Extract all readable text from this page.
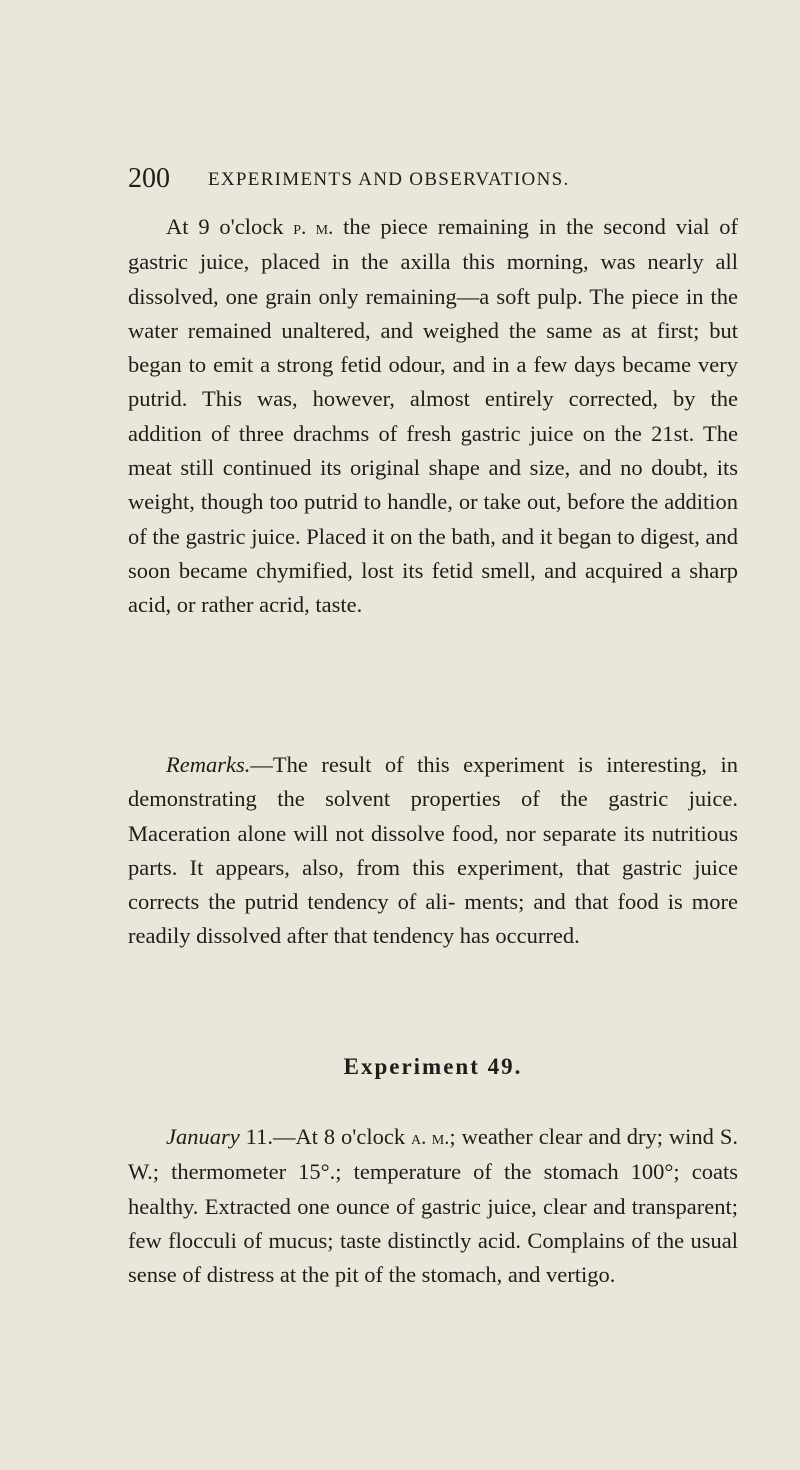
200 EXPERIMENTS AND OBSERVATIONS.

At 9 o'clock p. m. the piece remaining in the second vial of gastric juice, placed in the axilla this morning, was nearly all dissolved, one grain only remaining—a soft pulp. The piece in the water remained unaltered, and weighed the same as at first; but began to emit a strong fetid odour, and in a few days became very putrid. This was, however, almost entirely corrected, by the addition of three drachms of fresh gastric juice on the 21st. The meat still continued its original shape and size, and no doubt, its weight, though too putrid to handle, or take out, before the addition of the gastric juice. Placed it on the bath, and it began to digest, and soon became chymified, lost its fetid smell, and acquired a sharp acid, or rather acrid, taste.

Remarks.—The result of this experiment is interesting, in demonstrating the solvent properties of the gastric juice. Maceration alone will not dissolve food, nor separate its nutritious parts. It appears, also, from this experiment, that gastric juice corrects the putrid tendency of ali- ments; and that food is more readily dissolved after that tendency has occurred.

Experiment 49.

January 11.—At 8 o'clock a. m.; weather clear and dry; wind S. W.; thermometer 15°.; temperature of the stomach 100°; coats healthy. Extracted one ounce of gastric juice, clear and transparent; few flocculi of mucus; taste distinctly acid. Complains of the usual sense of distress at the pit of the stomach, and vertigo.
